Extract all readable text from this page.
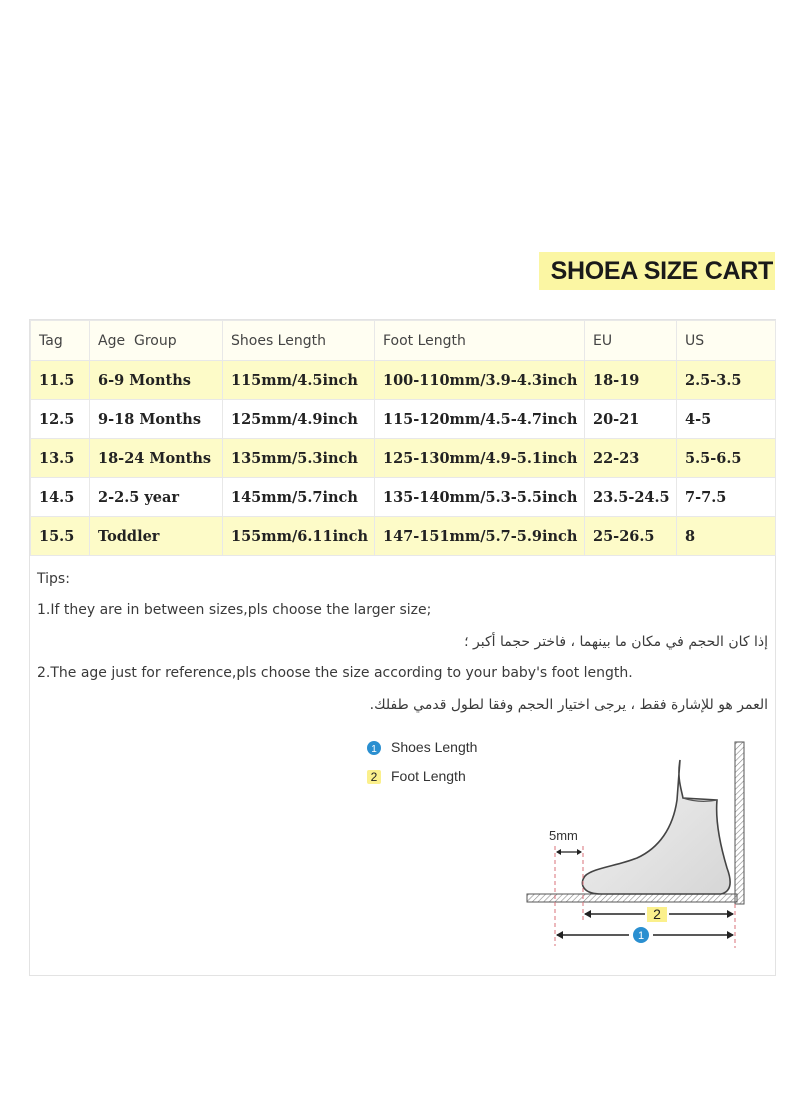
SHOEA SIZE CART
Tag	Age  Group	Shoes Length	Foot Length	EU	US
11.5	6-9 Months	115mm/4.5inch	100-110mm/3.9-4.3inch	18-19	2.5-3.5
12.5	9-18 Months	125mm/4.9inch	115-120mm/4.5-4.7inch	20-21	4-5
13.5	18-24 Months	135mm/5.3inch	125-130mm/4.9-5.1inch	22-23	5.5-6.5
14.5	2-2.5 year	145mm/5.7inch	135-140mm/5.3-5.5inch	23.5-24.5	7-7.5
15.5	Toddler	155mm/6.11inch	147-151mm/5.7-5.9inch	25-26.5	8
Tips:
1.If they are in between sizes,pls choose the larger size;
إذا كان الحجم في مكان ما بينهما ، فاختر حجما أكبر ؛
2.The age just for reference,pls choose the size according to your baby's foot length.
العمر هو للإشارة فقط ، يرجى اختيار الحجم وفقا لطول قدمي طفلك.
1 Shoes Length
2 Foot Length
5mm
2
1
